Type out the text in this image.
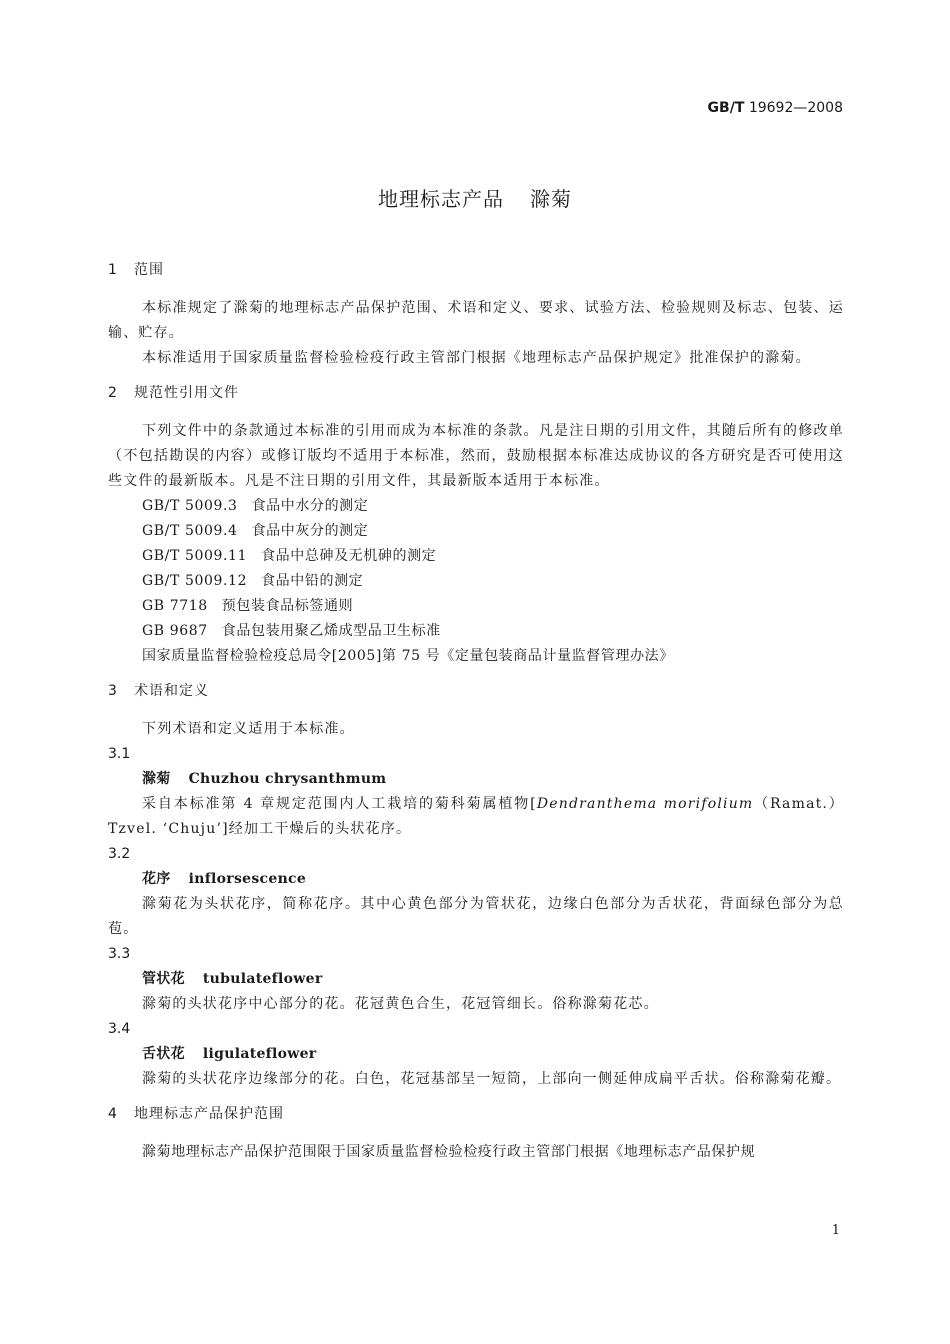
GB/T 19692—2008
地理标志产品 滁菊
1 范围

本标准规定了滁菊的地理标志产品保护范围、术语和定义、要求、试验方法、检验规则及标志、包装、运输、贮存。

本标准适用于国家质量监督检验检疫行政主管部门根据《地理标志产品保护规定》批准保护的滁菊。

2 规范性引用文件

下列文件中的条款通过本标准的引用而成为本标准的条款。凡是注日期的引用文件，其随后所有的修改单（不包括勘误的内容）或修订版均不适用于本标准，然而，鼓励根据本标准达成协议的各方研究是否可使用这些文件的最新版本。凡是不注日期的引用文件，其最新版本适用于本标准。

GB/T 5009.3 食品中水分的测定

GB/T 5009.4 食品中灰分的测定

GB/T 5009.11 食品中总砷及无机砷的测定

GB/T 5009.12 食品中铅的测定

GB 7718 预包装食品标签通则

GB 9687 食品包装用聚乙烯成型品卫生标准

国家质量监督检验检疫总局令[2005]第 75 号《定量包装商品计量监督管理办法》

3 术语和定义

下列术语和定义适用于本标准。

3.1

滁菊 Chuzhou chrysanthmum

采自本标准第 4 章规定范围内人工栽培的菊科菊属植物[Dendranthema morifolium（Ramat.）Tzvel. ‘Chuju’]经加工干燥后的头状花序。

3.2

花序 inflorsescence

滁菊花为头状花序，简称花序。其中心黄色部分为管状花，边缘白色部分为舌状花，背面绿色部分为总苞。

3.3

管状花 tubulateflower

滁菊的头状花序中心部分的花。花冠黄色合生，花冠管细长。俗称滁菊花芯。

3.4

舌状花 ligulateflower

滁菊的头状花序边缘部分的花。白色，花冠基部呈一短筒，上部向一侧延伸成扁平舌状。俗称滁菊花瓣。

4 地理标志产品保护范围

滁菊地理标志产品保护范围限于国家质量监督检验检疫行政主管部门根据《地理标志产品保护规

1
